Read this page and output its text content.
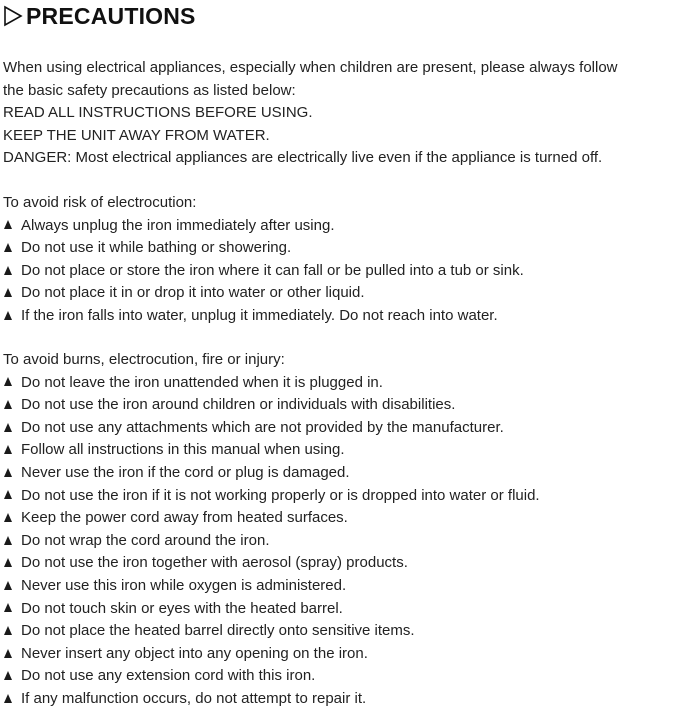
PRECAUTIONS
When using electrical appliances, especially when children are present, please always follow
the basic safety precautions as listed below:
READ ALL INSTRUCTIONS BEFORE USING.
KEEP THE UNIT AWAY FROM WATER.
DANGER: Most electrical appliances are electrically live even if the appliance is turned off.
To avoid risk of electrocution:
Always unplug the iron immediately after using.
Do not use it while bathing or showering.
Do not place or store the iron where it can fall or be pulled into a tub or sink.
Do not place it in or drop it into water or other liquid.
If the iron falls into water, unplug it immediately. Do not reach into water.
To avoid burns, electrocution, fire or injury:
Do not leave the iron unattended when it is plugged in.
Do not use the iron around children or individuals with disabilities.
Do not use any attachments which are not provided by the manufacturer.
Follow all instructions in this manual when using.
Never use the iron if the cord or plug is damaged.
Do not use the iron if it is not working properly or is dropped into water or fluid.
Keep the power cord away from heated surfaces.
Do not wrap the cord around the iron.
Do not use the iron together with aerosol (spray) products.
Never use this iron while oxygen is administered.
Do not touch skin or eyes with the heated barrel.
Do not place the heated barrel directly onto sensitive items.
Never insert any object into any opening on the iron.
Do not use any extension cord with this iron.
If any malfunction occurs, do not attempt to repair it.
